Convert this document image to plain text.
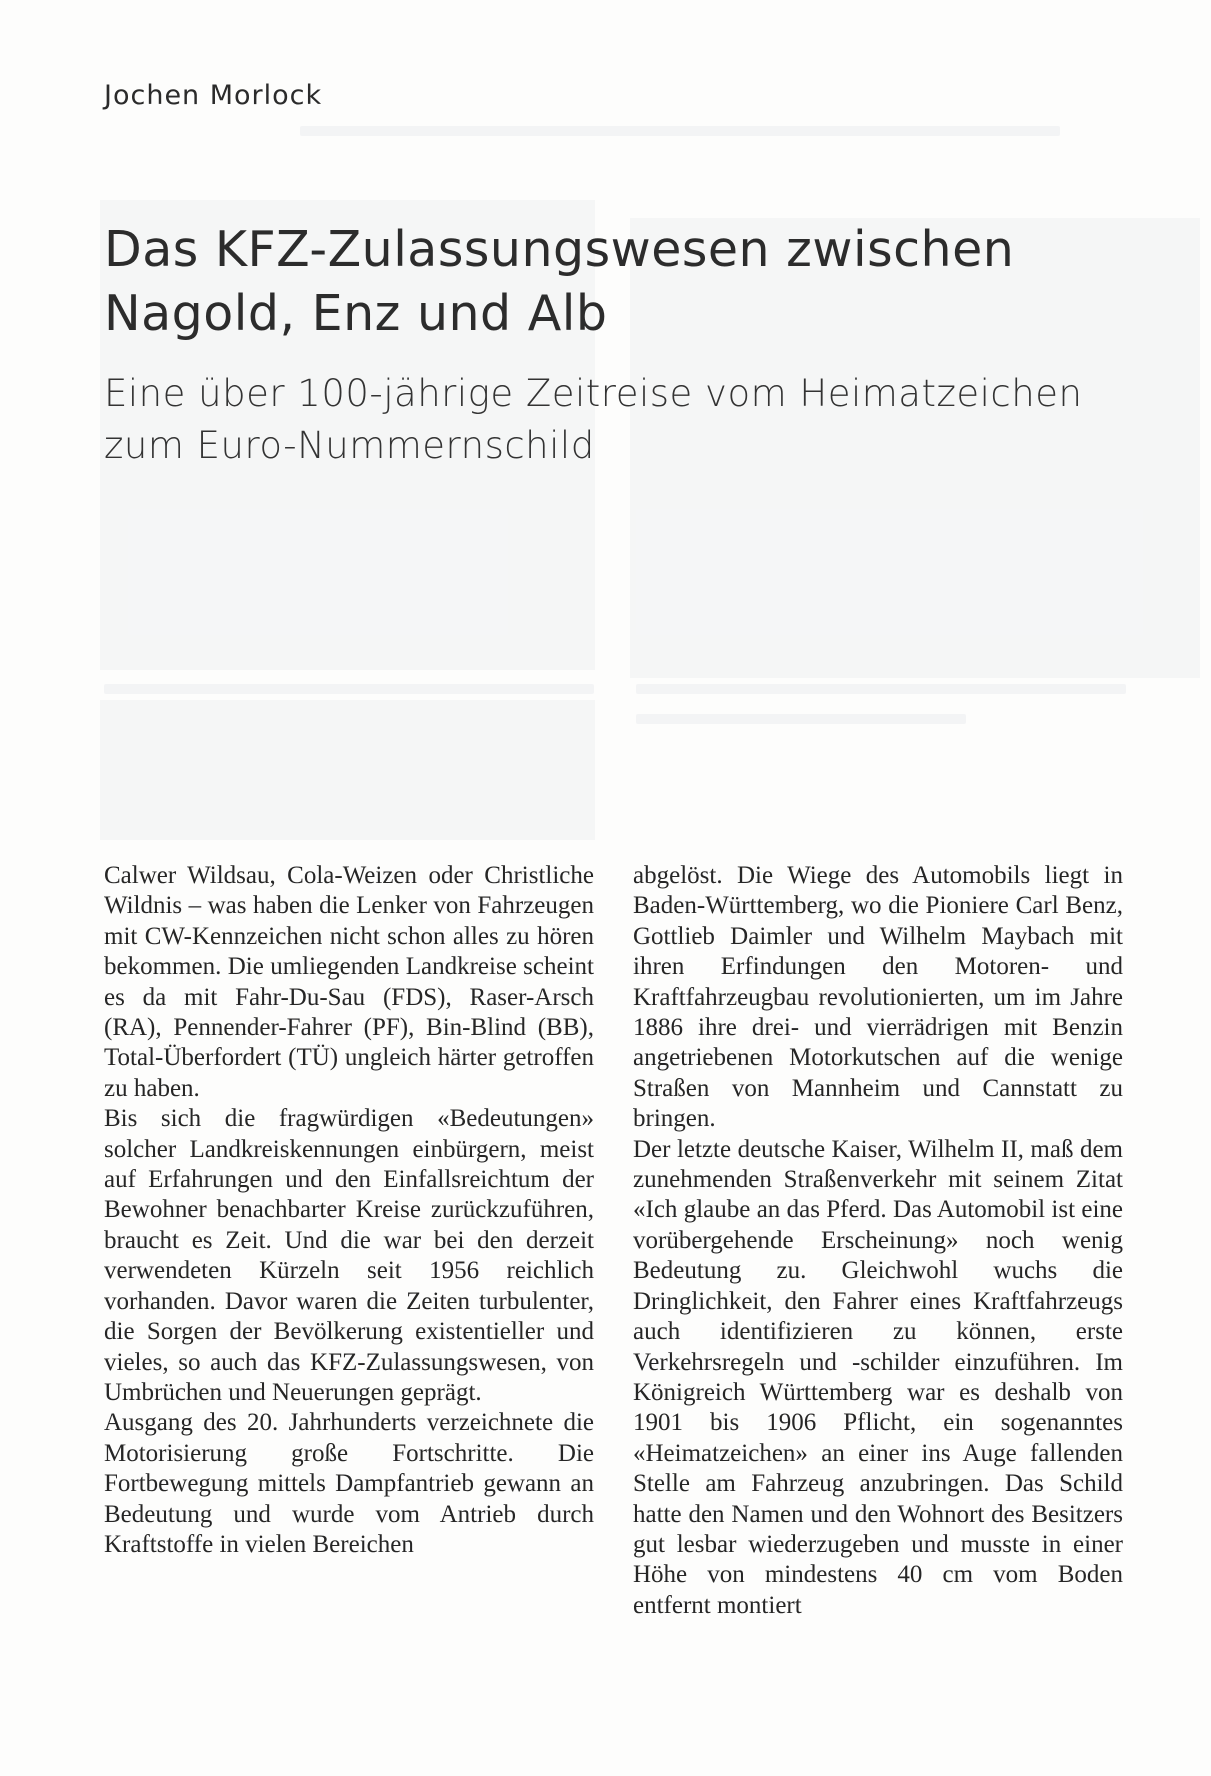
Jochen Morlock
Das KFZ-Zulassungswesen zwischen Nagold, Enz und Alb
Eine über 100-jährige Zeitreise vom Heimatzeichen zum Euro-Nummernschild

Calwer Wildsau, Cola-Weizen oder Christliche Wildnis – was haben die Lenker von Fahrzeugen mit CW-Kennzeichen nicht schon alles zu hören bekommen. Die umliegenden Landkreise scheint es da mit Fahr-Du-Sau (FDS), Raser-Arsch (RA), Pennender-Fahrer (PF), Bin-Blind (BB), Total-Überfordert (TÜ) ungleich härter getroffen zu haben.

Bis sich die fragwürdigen «Bedeutungen» solcher Landkreiskennungen einbürgern, meist auf Erfahrungen und den Einfallsreichtum der Bewohner benachbarter Kreise zurückzuführen, braucht es Zeit. Und die war bei den derzeit verwendeten Kürzeln seit 1956 reichlich vorhanden. Davor waren die Zeiten turbulenter, die Sorgen der Bevölkerung existentieller und vieles, so auch das KFZ-Zulassungswesen, von Umbrüchen und Neuerungen geprägt.

Ausgang des 20. Jahrhunderts verzeichnete die Motorisierung große Fortschritte. Die Fortbewegung mittels Dampfantrieb gewann an Bedeutung und wurde vom Antrieb durch Kraftstoffe in vielen Bereichen

abgelöst. Die Wiege des Automobils liegt in Baden-Württemberg, wo die Pioniere Carl Benz, Gottlieb Daimler und Wilhelm Maybach mit ihren Erfindungen den Motoren- und Kraftfahrzeugbau revolutionierten, um im Jahre 1886 ihre drei- und vierrädrigen mit Benzin angetriebenen Motorkutschen auf die wenige Straßen von Mannheim und Cannstatt zu bringen.

Der letzte deutsche Kaiser, Wilhelm II, maß dem zunehmenden Straßenverkehr mit seinem Zitat «Ich glaube an das Pferd. Das Automobil ist eine vorübergehende Erscheinung» noch wenig Bedeutung zu. Gleichwohl wuchs die Dringlichkeit, den Fahrer eines Kraftfahrzeugs auch identifizieren zu können, erste Verkehrsregeln und -schilder einzuführen. Im Königreich Württemberg war es deshalb von 1901 bis 1906 Pflicht, ein sogenanntes «Heimatzeichen» an einer ins Auge fallenden Stelle am Fahrzeug anzubringen. Das Schild hatte den Namen und den Wohnort des Besitzers gut lesbar wiederzugeben und musste in einer Höhe von mindestens 40 cm vom Boden entfernt montiert
